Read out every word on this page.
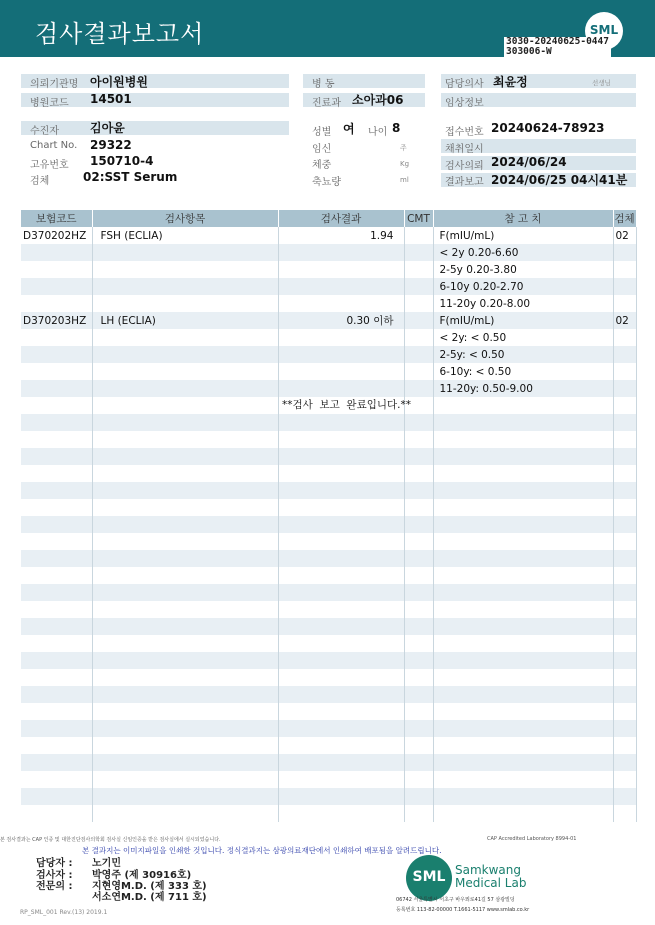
검사결과보고서	SML
3030-20240625-0447
303006-W
의뢰기관명 아이원병원
병원코드 14501
병 동
진료과 소아과06
담당의사 최윤정	선생님
임상정보
수진자	김아윤
Chart No. 29322
고유번호 150710-4
검체	02:SST Serum
성별 여 나이 8
임신	주
체중	Kg
축뇨량	ml
접수번호 20240624-78923
채취일시
검사의뢰 2024/06/24
결과보고 2024/06/25 04시41분
보험코드	검사항목	검사결과	CMT	참 고 치	검체
D370202HZ	FSH (ECLIA)	1.94		F(mIU/mL)	02
				< 2y 0.20-6.60	
				2-5y 0.20-3.80	
				6-10y 0.20-2.70	
				11-20y 0.20-8.00	
D370203HZ	LH (ECLIA)	0.30 이하		F(mIU/mL)	02
				< 2y: < 0.50	
				2-5y: < 0.50	
				6-10y: < 0.50	
				11-20y: 0.50-9.00	

**검사  보고  완료입니다.**
본 검사결과는 CAP 인증 및 대한진단검사의학회 검사실 신임인증을 받은 검사실에서 실시되었습니다.	CAP Accredited Laboratory 8994-01
본 결과지는 이미지파일을 인쇄한 것입니다. 정식결과지는 삼광의료재단에서 인쇄하여 배포됨을 알려드립니다.
담당자 : 노기민
검사자 : 박영주 (제 30916호)
전문의 : 지현영M.D. (제 333 호)
서소연M.D. (제 711 호)
SML Samkwang
Medical Lab
06742 서울특별시 서초구 바우뫼로41길 57 삼광빌딩
등록번호 113-82-00000 T.1661-5117 www.smlab.co.kr
RP_SML_001 Rev.(13) 2019.1
